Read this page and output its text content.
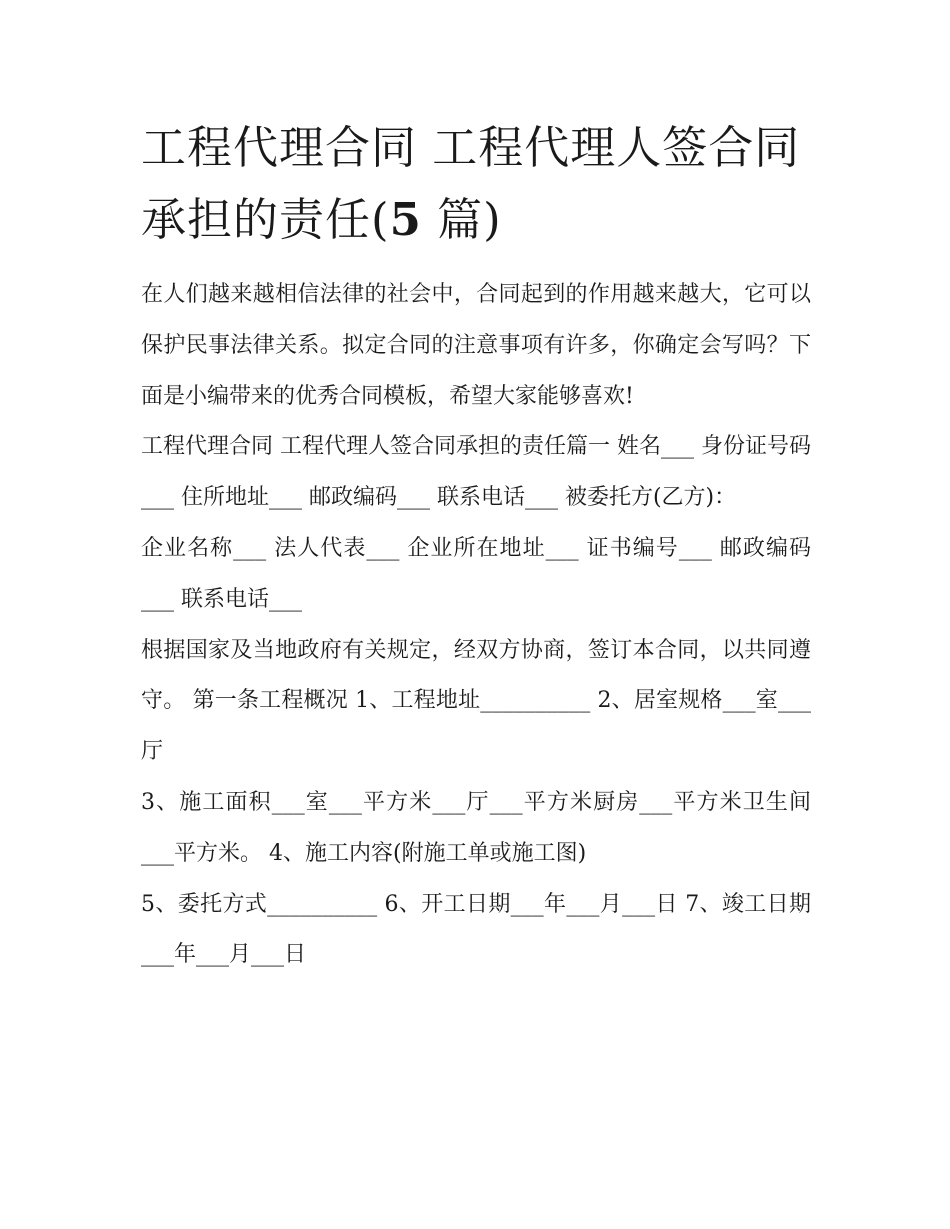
工程代理合同 工程代理人签合同承担的责任(5 篇)

在人们越来越相信法律的社会中，合同起到的作用越来越大，它可以保护民事法律关系。拟定合同的注意事项有许多，你确定会写吗？下面是小编带来的优秀合同模板，希望大家能够喜欢!

工程代理合同 工程代理人签合同承担的责任篇一 姓名___ 身份证号码___ 住所地址___ 邮政编码___ 联系电话___ 被委托方(乙方)：

企业名称___ 法人代表___ 企业所在地址___ 证书编号___ 邮政编码___ 联系电话___

根据国家及当地政府有关规定，经双方协商，签订本合同，以共同遵守。 第一条工程概况 1、工程地址__________ 2、居室规格___室___厅

3、施工面积___室___平方米___厅___平方米厨房___平方米卫生间___平方米。 4、施工内容(附施工单或施工图)

5、委托方式__________ 6、开工日期___年___月___日 7、竣工日期___年___月___日
